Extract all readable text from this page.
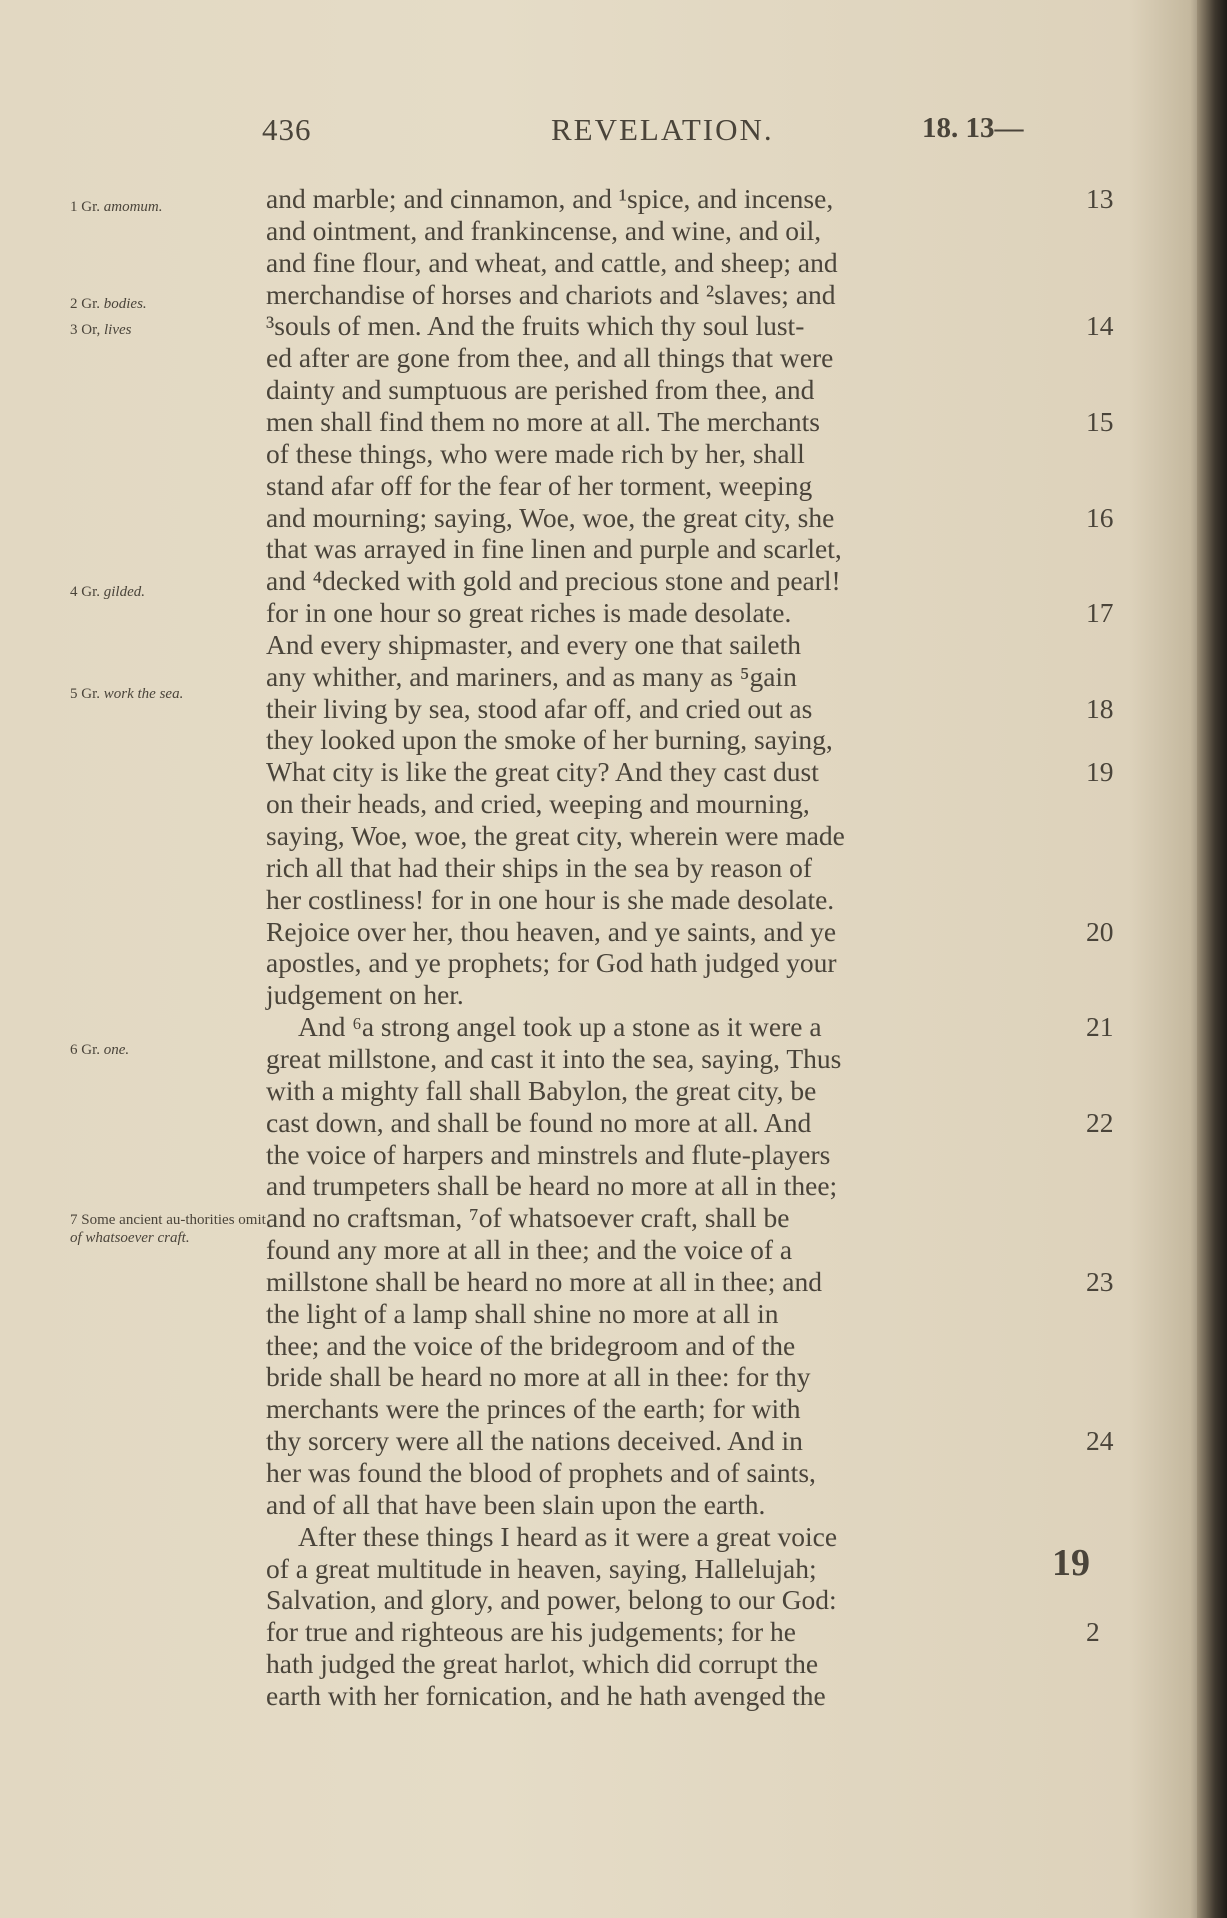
436	REVELATION.	18. 13—
1 Gr. amomum.
2 Gr. bodies.
3 Or, lives
4 Gr. gilded.
5 Gr. work the sea.
6 Gr. one.
7 Some ancient au-thorities omit of whatsoever craft.
and marble; and cinnamon, and ¹spice, and incense,
and ointment, and frankincense, and wine, and oil,
and fine flour, and wheat, and cattle, and sheep; and
merchandise of horses and chariots and ²slaves; and
³souls of men. And the fruits which thy soul lust-
ed after are gone from thee, and all things that were
dainty and sumptuous are perished from thee, and
men shall find them no more at all. The merchants
of these things, who were made rich by her, shall
stand afar off for the fear of her torment, weeping
and mourning; saying, Woe, woe, the great city, she
that was arrayed in fine linen and purple and scarlet,
and ⁴decked with gold and precious stone and pearl!
for in one hour so great riches is made desolate.
And every shipmaster, and every one that saileth
any whither, and mariners, and as many as ⁵gain
their living by sea, stood afar off, and cried out as
they looked upon the smoke of her burning, saying,
What city is like the great city? And they cast dust
on their heads, and cried, weeping and mourning,
saying, Woe, woe, the great city, wherein were made
rich all that had their ships in the sea by reason of
her costliness! for in one hour is she made desolate.
Rejoice over her, thou heaven, and ye saints, and ye
apostles, and ye prophets; for God hath judged your
judgement on her.
And ⁶a strong angel took up a stone as it were a
great millstone, and cast it into the sea, saying, Thus
with a mighty fall shall Babylon, the great city, be
cast down, and shall be found no more at all. And
the voice of harpers and minstrels and flute-players
and trumpeters shall be heard no more at all in thee;
and no craftsman, ⁷of whatsoever craft, shall be
found any more at all in thee; and the voice of a
millstone shall be heard no more at all in thee; and
the light of a lamp shall shine no more at all in
thee; and the voice of the bridegroom and of the
bride shall be heard no more at all in thee: for thy
merchants were the princes of the earth; for with
thy sorcery were all the nations deceived. And in
her was found the blood of prophets and of saints,
and of all that have been slain upon the earth.
After these things I heard as it were a great voice
of a great multitude in heaven, saying, Hallelujah;
Salvation, and glory, and power, belong to our God:
for true and righteous are his judgements; for he
hath judged the great harlot, which did corrupt the
earth with her fornication, and he hath avenged the
13
14
15
16
17
18
19
20
21
22
23
24
2
19
